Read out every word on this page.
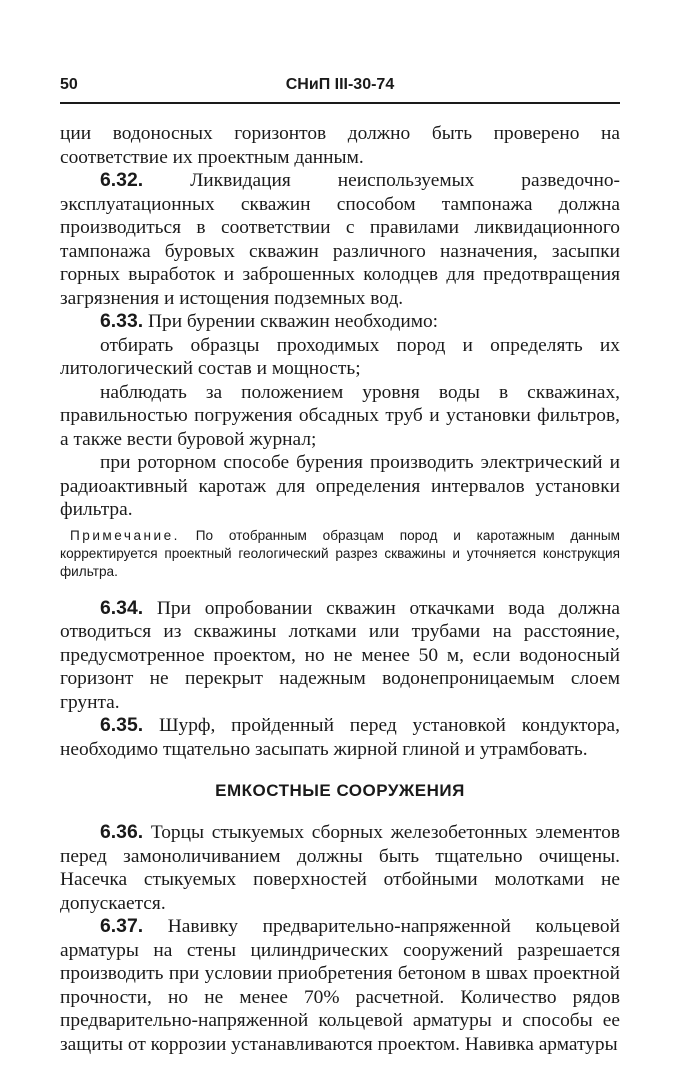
50	СНиП III-30-74

ции водоносных горизонтов должно быть проверено на соответствие их проектным данным.

6.32. Ликвидация неиспользуемых разведочно-эксплуатационных скважин способом тампонажа должна производиться в соответствии с правилами ликвидационного тампонажа буровых скважин различного назначения, засыпки горных выработок и заброшенных колодцев для предотвращения загрязнения и истощения подземных вод.

6.33. При бурении скважин необходимо:

отбирать образцы проходимых пород и определять их литологический состав и мощность;

наблюдать за положением уровня воды в скважинах, правильностью погружения обсадных труб и установки фильтров, а также вести буровой журнал;

при роторном способе бурения производить электрический и радиоактивный каротаж для определения интервалов установки фильтра.

Примечание. По отобранным образцам пород и каротажным данным корректируется проектный геологический разрез скважины и уточняется конструкция фильтра.

6.34. При опробовании скважин откачками вода должна отводиться из скважины лотками или трубами на расстояние, предусмотренное проектом, но не менее 50 м, если водоносный горизонт не перекрыт надежным водонепроницаемым слоем грунта.

6.35. Шурф, пройденный перед установкой кондуктора, необходимо тщательно засыпать жирной глиной и утрамбовать.

ЕМКОСТНЫЕ СООРУЖЕНИЯ

6.36. Торцы стыкуемых сборных железобетонных элементов перед замоноличиванием должны быть тщательно очищены. Насечка стыкуемых поверхностей отбойными молотками не допускается.

6.37. Навивку предварительно-напряженной кольцевой арматуры на стены цилиндрических сооружений разрешается производить при условии приобретения бетоном в швах проектной прочности, но не менее 70% расчетной. Количество рядов предварительно-напряженной кольцевой арматуры и способы ее защиты от коррозии устанавливаются проектом. Навивка арматуры
